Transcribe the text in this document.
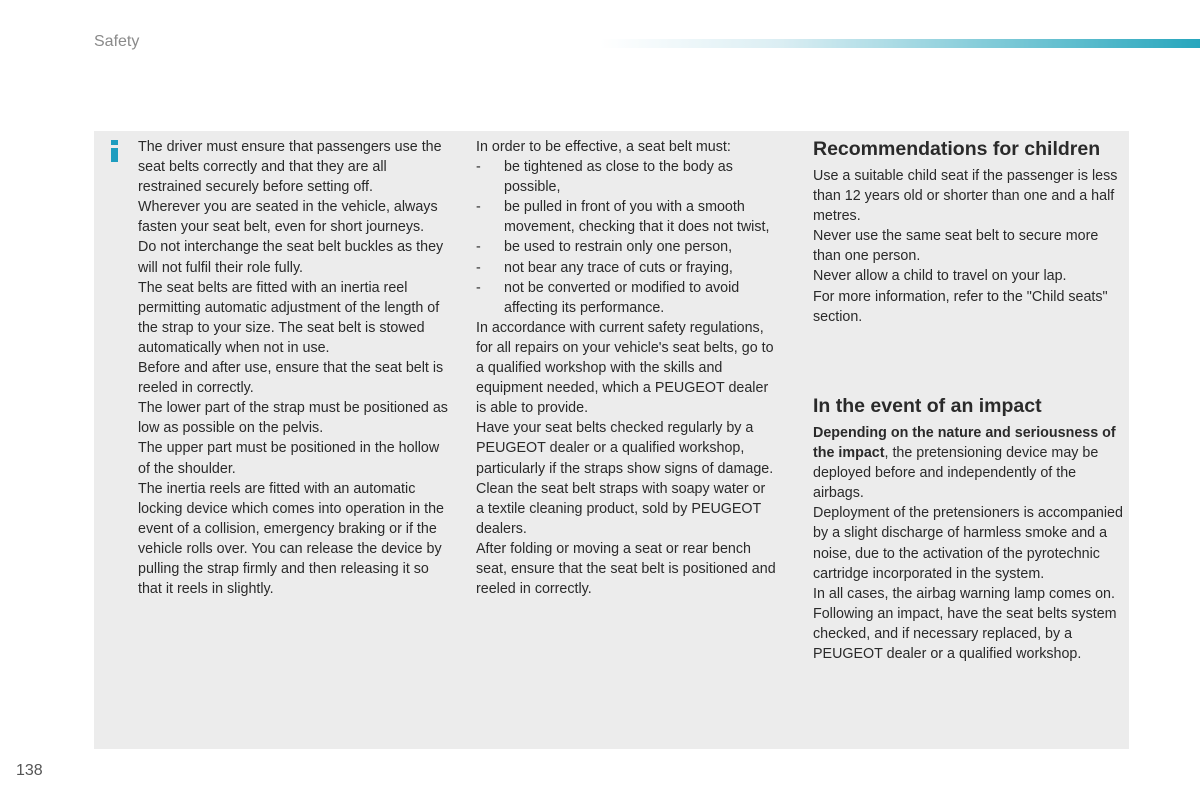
Safety

The driver must ensure that passengers use the seat belts correctly and that they are all restrained securely before setting off.

Wherever you are seated in the vehicle, always fasten your seat belt, even for short journeys.

Do not interchange the seat belt buckles as they will not fulfil their role fully.

The seat belts are fitted with an inertia reel permitting automatic adjustment of the length of the strap to your size. The seat belt is stowed automatically when not in use.

Before and after use, ensure that the seat belt is reeled in correctly.

The lower part of the strap must be positioned as low as possible on the pelvis.

The upper part must be positioned in the hollow of the shoulder.

The inertia reels are fitted with an automatic locking device which comes into operation in the event of a collision, emergency braking or if the vehicle rolls over. You can release the device by pulling the strap firmly and then releasing it so that it reels in slightly.

In order to be effective, a seat belt must:

- be tightened as close to the body as possible,
- be pulled in front of you with a smooth movement, checking that it does not twist,
- be used to restrain only one person,
- not bear any trace of cuts or fraying,
- not be converted or modified to avoid affecting its performance.

In accordance with current safety regulations, for all repairs on your vehicle's seat belts, go to a qualified workshop with the skills and equipment needed, which a PEUGEOT dealer is able to provide.

Have your seat belts checked regularly by a PEUGEOT dealer or a qualified workshop, particularly if the straps show signs of damage.

Clean the seat belt straps with soapy water or a textile cleaning product, sold by PEUGEOT dealers.

After folding or moving a seat or rear bench seat, ensure that the seat belt is positioned and reeled in correctly.

Recommendations for children

Use a suitable child seat if the passenger is less than 12 years old or shorter than one and a half metres.

Never use the same seat belt to secure more than one person.

Never allow a child to travel on your lap.

For more information, refer to the "Child seats" section.

In the event of an impact

Depending on the nature and seriousness of the impact, the pretensioning device may be deployed before and independently of the airbags.

Deployment of the pretensioners is accompanied by a slight discharge of harmless smoke and a noise, due to the activation of the pyrotechnic cartridge incorporated in the system.

In all cases, the airbag warning lamp comes on.

Following an impact, have the seat belts system checked, and if necessary replaced, by a PEUGEOT dealer or a qualified workshop.

138
